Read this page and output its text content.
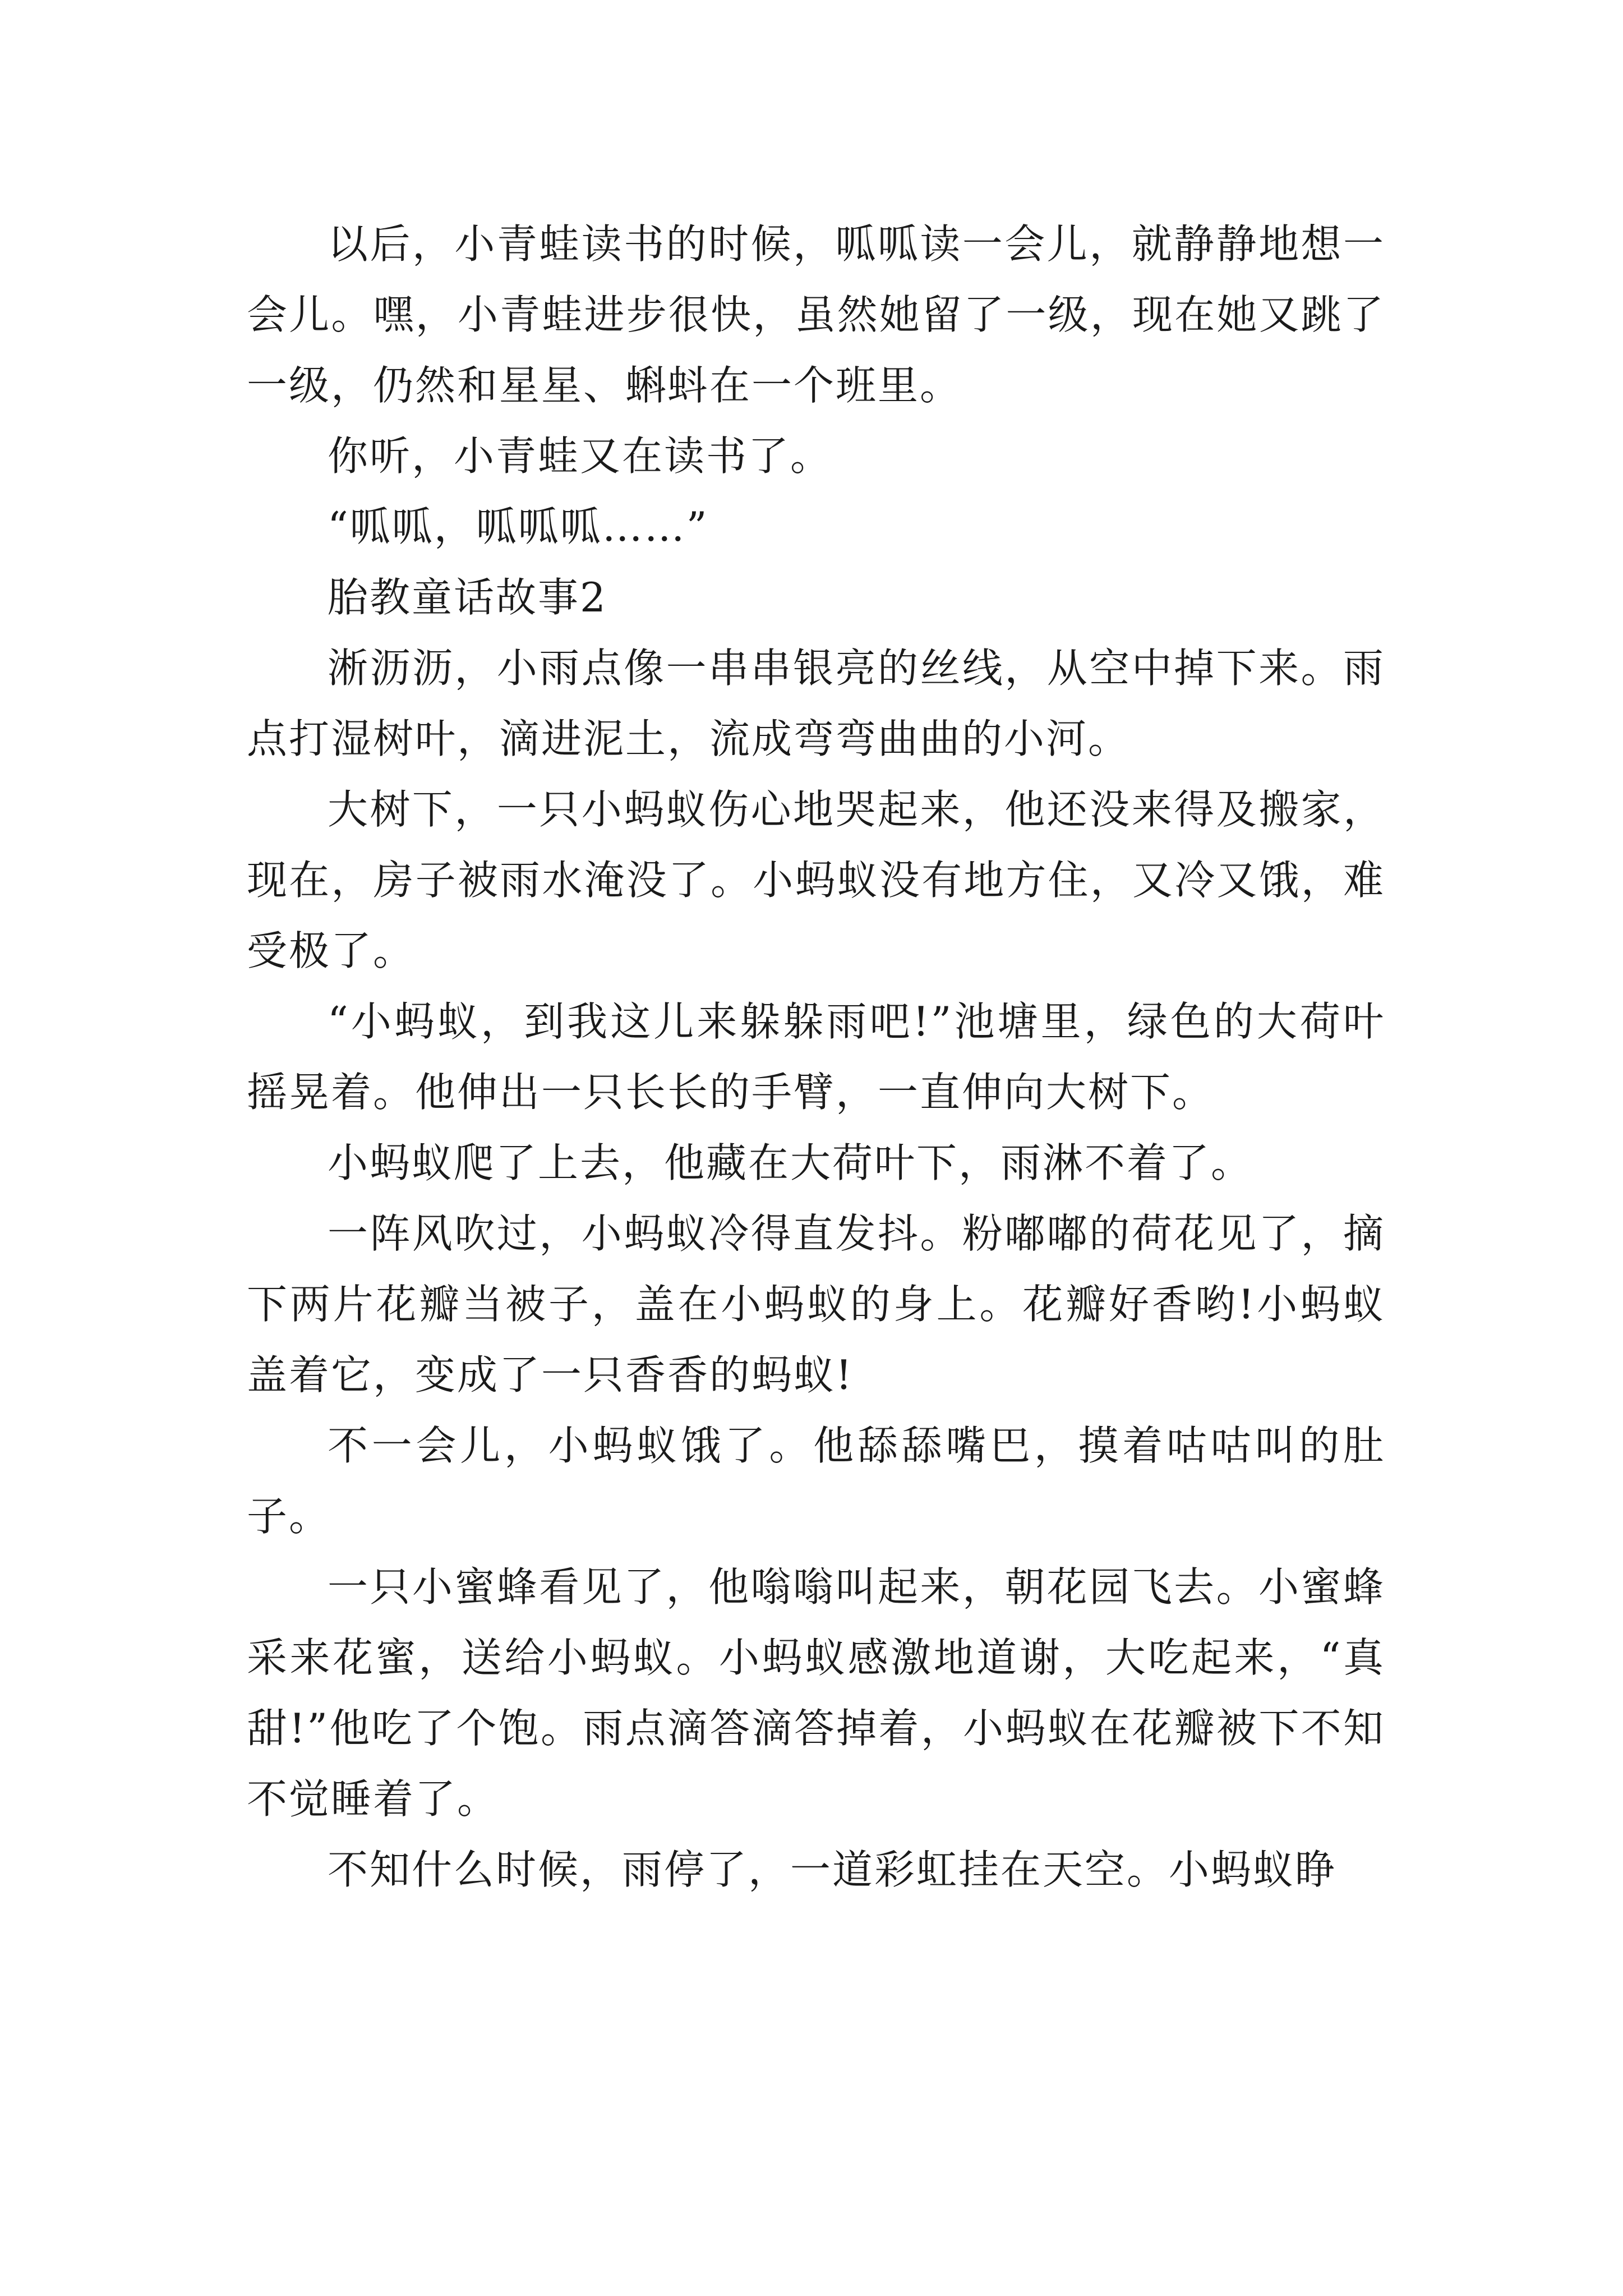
以后，小青蛙读书的时候，呱呱读一会儿，就静静地想一会儿。嘿，小青蛙进步很快，虽然她留了一级，现在她又跳了一级，仍然和星星、蝌蚪在一个班里。

你听，小青蛙又在读书了。

“呱呱，呱呱呱……”

胎教童话故事2

淅沥沥，小雨点像一串串银亮的丝线，从空中掉下来。雨点打湿树叶，滴进泥土，流成弯弯曲曲的小河。

大树下，一只小蚂蚁伤心地哭起来，他还没来得及搬家，现在，房子被雨水淹没了。小蚂蚁没有地方住，又冷又饿，难受极了。

“小蚂蚁，到我这儿来躲躲雨吧!”池塘里，绿色的大荷叶摇晃着。他伸出一只长长的手臂，一直伸向大树下。

小蚂蚁爬了上去，他藏在大荷叶下，雨淋不着了。

一阵风吹过，小蚂蚁冷得直发抖。粉嘟嘟的荷花见了，摘下两片花瓣当被子，盖在小蚂蚁的身上。花瓣好香哟!小蚂蚁盖着它，变成了一只香香的蚂蚁!

不一会儿，小蚂蚁饿了。他舔舔嘴巴，摸着咕咕叫的肚子。

一只小蜜蜂看见了，他嗡嗡叫起来，朝花园飞去。小蜜蜂采来花蜜，送给小蚂蚁。小蚂蚁感激地道谢，大吃起来，“真甜!”他吃了个饱。雨点滴答滴答掉着，小蚂蚁在花瓣被下不知不觉睡着了。

不知什么时候，雨停了，一道彩虹挂在天空。小蚂蚁睁
